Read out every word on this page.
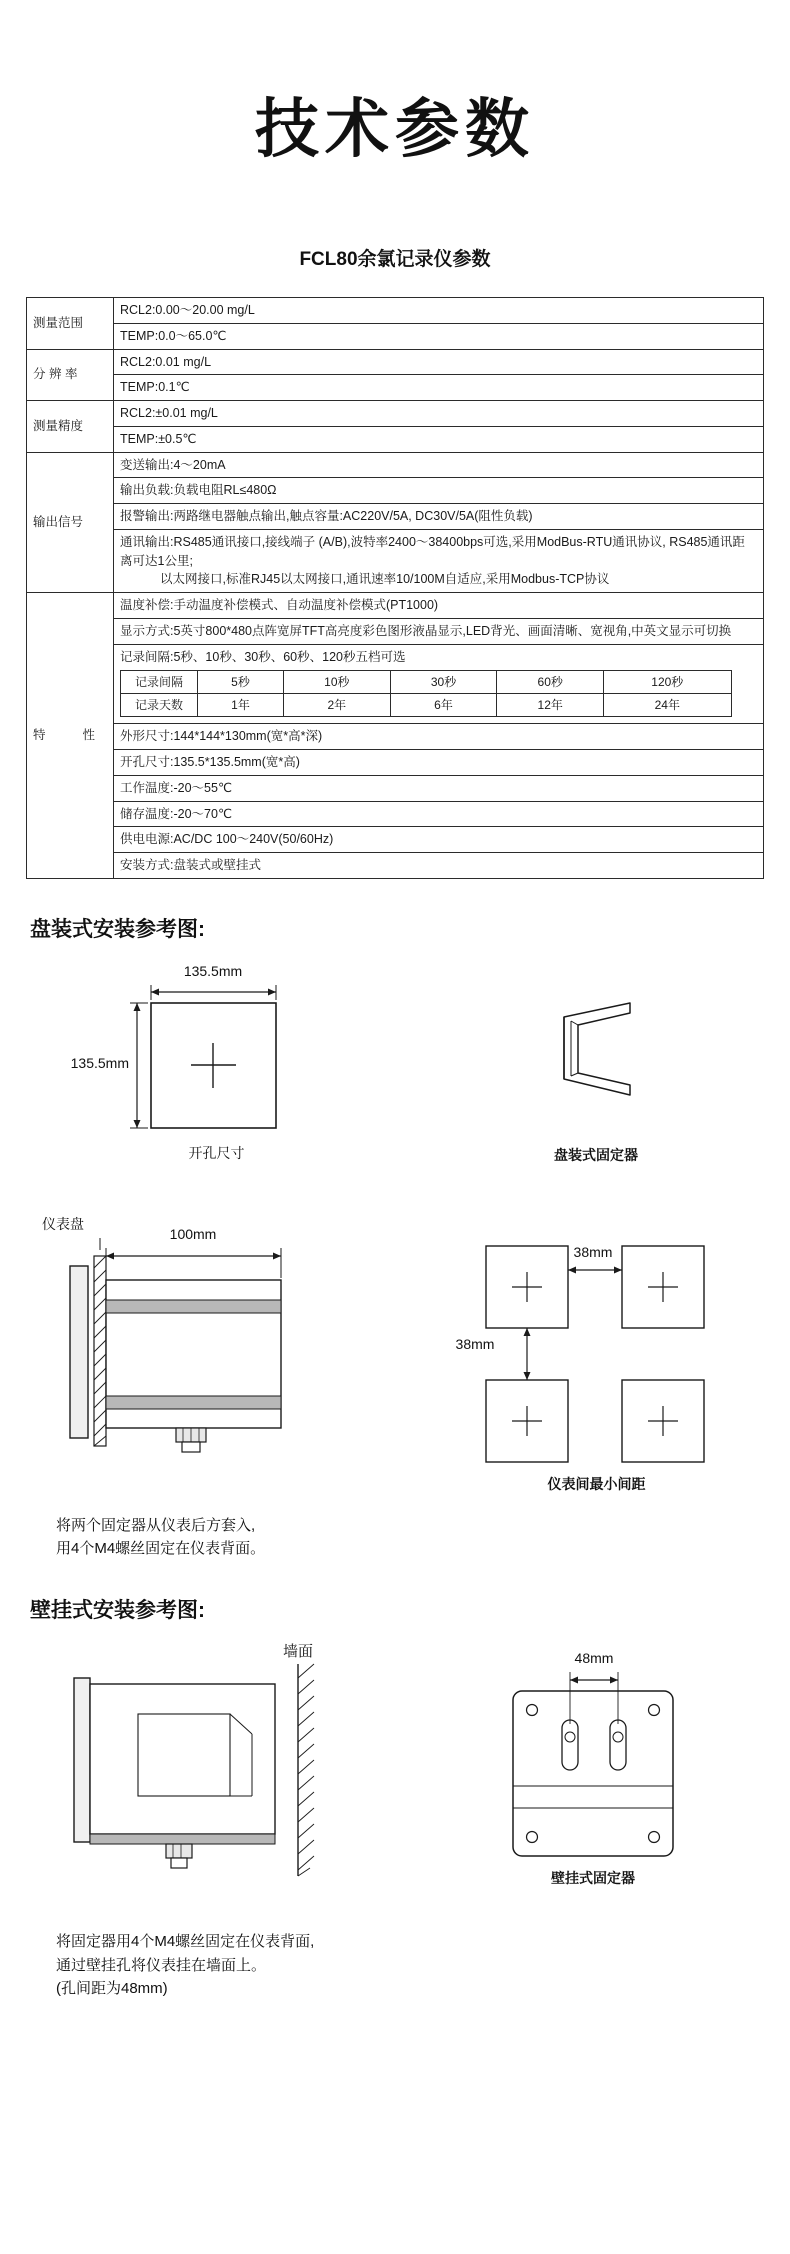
技术参数
FCL80余氯记录仪参数
测量范围	RCL2:0.00～20.00 mg/L
TEMP:0.0～65.0℃
分 辨 率	RCL2:0.01 mg/L
TEMP:0.1℃
测量精度	RCL2:±0.01 mg/L
TEMP:±0.5℃
输出信号	变送输出:4～20mA
输出负载:负载电阻RL≤480Ω
报警输出:两路继电器触点输出,触点容量:AC220V/5A, DC30V/5A(阻性负载)

通讯输出:RS485通讯接口,接线端子 (A/B),波特率2400～38400bps可选,采用ModBus-RTU通讯协议, RS485通讯距离可达1公里;
以太网接口,标准RJ45以太网接口,通讯速率10/100M自适应,采用Modbus-TCP协议

特　　性	温度补偿:手动温度补偿模式、自动温度补偿模式(PT1000)
显示方式:5英寸800*480点阵宽屏TFT高亮度彩色图形液晶显示,LED背光、画面清晰、宽视角,中英文显示可切换

记录间隔:5秒、10秒、30秒、60秒、120秒五档可选
记录间隔	5秒	10秒	30秒	60秒	120秒
记录天数	1年	2年	6年	12年	24年

外形尺寸:144*144*130mm(宽*高*深)
开孔尺寸:135.5*135.5mm(宽*高)
工作温度:-20～55℃
储存温度:-20～70℃
供电电源:AC/DC 100～240V(50/60Hz)
安装方式:盘装式或壁挂式
盘装式安装参考图:
135.5mm
135.5mm
开孔尺寸	盘装式固定器
仪表盘
100mm
38mm
38mm
仪表间最小间距
将两个固定器从仪表后方套入,
用4个M4螺丝固定在仪表背面。
壁挂式安装参考图:
墙面	48mm
壁挂式固定器
将固定器用4个M4螺丝固定在仪表背面,
通过壁挂孔将仪表挂在墙面上。
(孔间距为48mm)
